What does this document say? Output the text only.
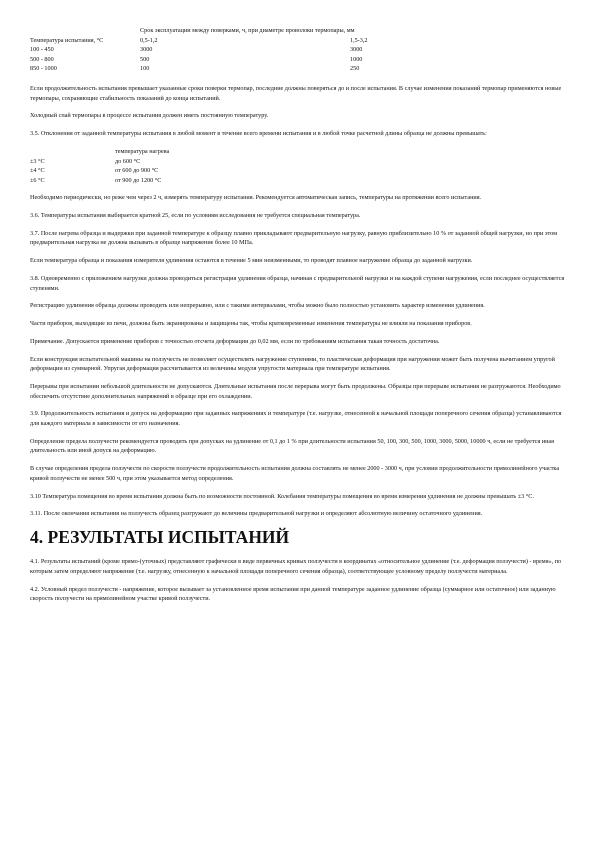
	Срок эксплуатации между поверками, ч, при диаметре проволоки термопары, мм	
Температура испытания, °С	0,5-1,2	1,5-3,2
100 - 450	3000	3000
500 - 800	500	1000
850 - 1000	100	250

Если продолжительность испытания превышает указанные сроки поверки термопар, последние должны поверяться до и после испытания. В случае изменения показаний термопар применяются новые термопары, сохраняющие стабильность показаний до конца испытаний.

Холодный спай термопары в процессе испытания должен иметь постоянную температуру.

3.5. Отклонения от заданной температуры испытания в любой момент в течение всего времени испытания и в любой точке расчетной длины образца не должны превышать:

	температура нагрева
±3 °С	до 600 °С
±4 °С	от 600 до 900 °С
±6 °С	от 900 до 1200 °С

Необходимо периодически, но реже чем через 2 ч, измерять температуру испытания. Рекомендуется автоматическая запись, температуры на протяжении всего испытания.

3.6. Температуры испытания выбирается кратной 25, если по условиям исследования не требуется специальная температура.

3.7. После нагрева образца и выдержки при заданной температуре к образцу плавно прикладывают предварительную нагрузку, равную приблизительно 10 % от заданной общей нагрузки, но при этом предварительная нагрузка не должна вызывать в образце напряжение более 10 МПа.

Если температура образца и показания измерителя удлинения остаются в течение 5 мин неизменными, то проводят плавное нагружение образца до заданной нагрузки.

3.8. Одновременно с приложением нагрузки должна проводиться регистрация удлинения образца, начиная с предварительной нагрузки и на каждой ступени нагружения, если последнее осуществляется ступенями.

Регистрацию удлинения образца должны проводить или непрерывно, или с такими интервалами, чтобы можно было полностью установить характер изменения удлинения.

Части приборов, выходящие из печи, должны быть экранированы и защищены так, чтобы кратковременные изменения температуры не влияли на показания приборов.

Примечание. Допускается применение приборов с точностью отсчета деформации до 0,02 мм, если по требованиям испытания такая точность достаточна.

Если конструкция испытательной машины на ползучесть не позволяет осуществлять нагружение ступенями, то пластическая деформация при нагружении может быть получена вычитанием упругой деформации из суммарной. Упругая деформация рассчитывается из величины модуля упругости материала при температуре испытания.

Перерывы при испытании небольшой длительности не допускаются. Длительные испытания после перерыва могут быть продолжены. Образцы при перерыве испытания не разгружаются. Необходимо обеспечить отсутствие дополнительных напряжений в образце при его охлаждении.

3.9. Продолжительность испытания и допуск на деформацию при заданных напряжениях и температуре (т.е. нагрузке, отнесенной к начальной площади поперечного сечения образца) устанавливаются для каждого материала в зависимости от его назначения.

Определение предела ползучести рекомендуется проводить при допусках на удлинение от 0,1 до 1 % при длительности испытания 50, 100, 300, 500, 1000, 3000, 5000, 10000 ч, если не требуется иная длительность или иной допуск на деформацию.

В случае определения предела ползучести по скорости ползучести продолжительность испытания должна составлять не менее 2000 - 3000 ч, при условии продолжительности прямолинейного участка кривой ползучести не менее 500 ч, при этом указывается метод определения.

3.10 Температура помещения во время испытания должна быть по возможности постоянной. Колебания температуры помещения во время измерения удлинения не должны превышать ±3 °С.

3.11. После окончания испытания на ползучесть образец разгружают до величины предварительной нагрузки и определяют абсолютную величину остаточного удлинения.

4. РЕЗУЛЬТАТЫ ИСПЫТАНИЙ

4.1. Результаты испытаний (кроме прямо-(уточных) представляют графически в виде первичных кривых ползучести в координатах «относительное удлинение (т.е. деформация ползучести) - время», по которым затем определяют напряжение (т.е. нагрузку, отнесенную к начальной площади поперечного сечения образца), соответствующее условному пределу ползучести материала.

4.2. Условный предел ползучести - напряжение, которое вызывает за установленное время испытания при данной температуре заданное удлинение образца (суммарное или остаточное) или заданную скорость ползучести на прямолинейном участке кривой ползучести.
